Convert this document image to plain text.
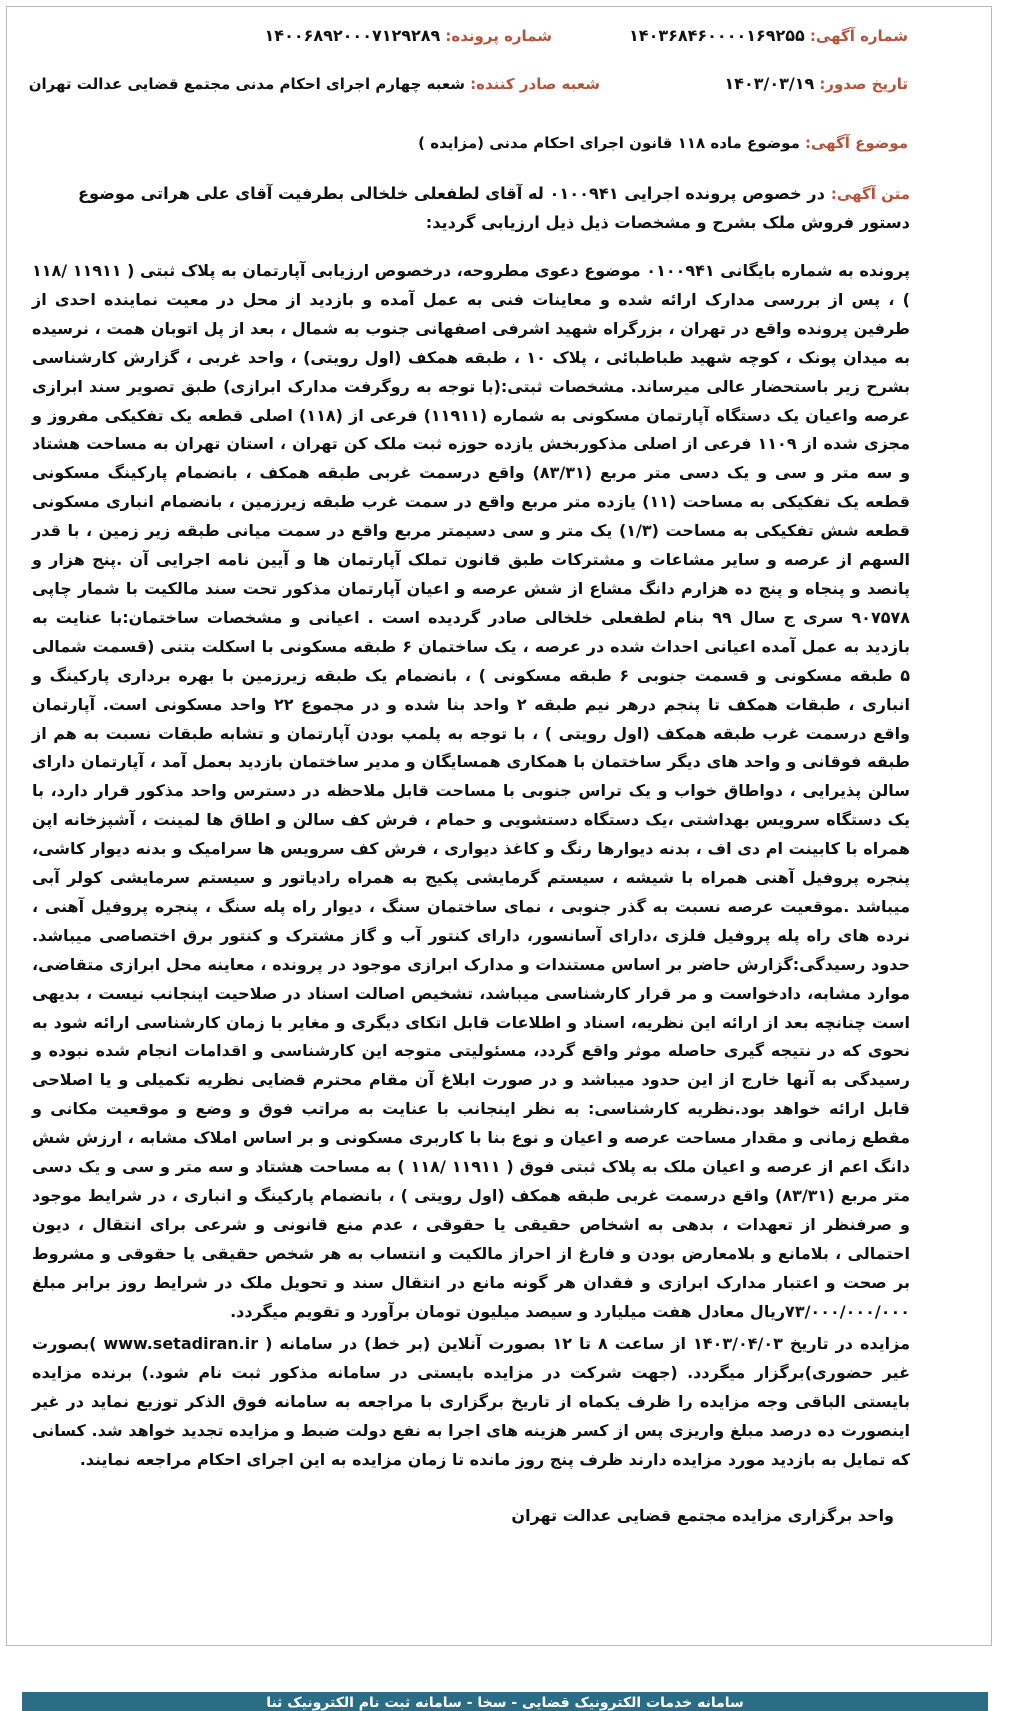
شماره آگهی: ۱۴۰۳۶۸۴۶۰۰۰۰۱۶۹۲۵۵
شماره پرونده: ۱۴۰۰۶۸۹۲۰۰۰۷۱۲۹۲۸۹
تاریخ صدور: ۱۴۰۳/۰۳/۱۹
شعبه صادر کننده: شعبه چهارم اجرای احکام مدنی مجتمع قضایی عدالت تهران
موضوع آگهی: موضوع ماده ۱۱۸ قانون اجرای احکام مدنی (مزایده )

متن آگهی:در خصوص پرونده اجرایی ۰۱۰۰۹۴۱ له آقای لطفعلی خلخالی بطرفیت آقای علی هراتی موضوع دستور فروش ملک بشرح و مشخصات ذیل ذیل ارزیابی گردید:

پرونده به شماره بایگانی ۰۱۰۰۹۴۱ موضوع دعوی مطروحه، درخصوص ارزیابی آپارتمان به پلاک ثبتی ( ۱۱۹۱۱ /۱۱۸ ) ، پس از بررسی مدارک ارائه شده و معاینات فنی به عمل آمده و بازدید از محل در معیت نماینده احدی از طرفین پرونده واقع در تهران ، بزرگراه شهید اشرفی اصفهانی جنوب به شمال ، بعد از پل اتوبان همت ، نرسیده به میدان پونک ، کوچه شهید طباطبائی ، پلاک ۱۰ ، طبقه همکف (اول رویتی) ، واحد غربی ، گزارش کارشناسی بشرح زیر باستحضار عالی میرساند. مشخصات ثبتی:(با توجه به روگرفت مدارک ابرازی) طبق تصویر سند ابرازی عرصه واعیان یک دستگاه آپارتمان مسکونی به شماره (۱۱۹۱۱) فرعی از (۱۱۸) اصلی قطعه یک تفکیکی مفروز و مجزی شده از ۱۱۰۹ فرعی از اصلی مذکوربخش یازده حوزه ثبت ملک کن تهران ، استان تهران به مساحت هشتاد و سه متر و سی و یک دسی متر مربع (۸۳/۳۱) واقع درسمت غربی طبقه همکف ، بانضمام پارکینگ مسکونی قطعه یک تفکیکی به مساحت (۱۱) یازده متر مربع واقع در سمت غرب طبقه زیرزمین ، بانضمام انباری مسکونی قطعه شش تفکیکی به مساحت (۱/۳) یک متر و سی دسیمتر مربع واقع در سمت میانی طبقه زیر زمین ، با قدر السهم از عرصه و سایر مشاعات و مشترکات طبق قانون تملک آپارتمان ها و آیین نامه اجرایی آن .پنج هزار و پانصد و پنجاه و پنج ده هزارم دانگ مشاع از شش عرصه و اعیان آپارتمان مذکور تحت سند مالکیت با شمار چاپی ۹۰۷۵۷۸ سری ج سال ۹۹ بنام لطفعلی خلخالی صادر گردیده است . اعیانی و مشخصات ساختمان:با عنایت به بازدید به عمل آمده اعیانی احداث شده در عرصه ، یک ساختمان ۶ طبقه مسکونی با اسکلت بتنی (قسمت شمالی ۵ طبقه مسکونی و قسمت جنوبی ۶ طبقه مسکونی ) ، بانضمام یک طبقه زیرزمین با بهره برداری پارکینگ و انباری ، طبقات همکف تا پنجم درهر نیم طبقه ۲ واحد بنا شده و در مجموع ۲۲ واحد مسکونی است. آپارتمان واقع درسمت غرب طبقه همکف (اول رویتی ) ، با توجه به پلمپ بودن آپارتمان و تشابه طبقات نسبت به هم از طبقه فوقانی و واحد های دیگر ساختمان با همکاری همسایگان و مدیر ساختمان بازدید بعمل آمد ، آپارتمان دارای سالن پذیرایی ، دواطاق خواب و یک تراس جنوبی با مساحت قابل ملاحظه در دسترس واحد مذکور قرار دارد، با یک دستگاه سرویس بهداشتی ،یک دستگاه دستشویی و حمام ، فرش کف سالن و اطاق ها لمینت ، آشپزخانه اپن همراه با کابینت ام دی اف ، بدنه دیوارها رنگ و کاغذ دیواری ، فرش کف سرویس ها سرامیک و بدنه دیوار کاشی، پنجره پروفیل آهنی همراه با شیشه ، سیستم گرمایشی پکیج به همراه رادیاتور و سیستم سرمایشی کولر آبی میباشد .موقعیت عرصه نسبت به گذر جنوبی ، نمای ساختمان سنگ ، دیوار راه پله سنگ ، پنجره پروفیل آهنی ، نرده های راه پله پروفیل فلزی ،دارای آسانسور، دارای کنتور آب و گاز مشترک و کنتور برق اختصاصی میباشد. حدود رسیدگی:گزارش حاضر بر اساس مستندات و مدارک ابرازی موجود در پرونده ، معاینه محل ابرازی متقاضی، موارد مشابه، دادخواست و مر قرار کارشناسی میباشد، تشخیص اصالت اسناد در صلاحیت اینجانب نیست ، بدیهی است چنانچه بعد از ارائه این نظریه، اسناد و اطلاعات قابل اتکای دیگری و مغایر با زمان کارشناسی ارائه شود به نحوی که در نتیجه گیری حاصله موثر واقع گردد، مسئولیتی متوجه این کارشناسی و اقدامات انجام شده نبوده و رسیدگی به آنها خارج از این حدود میباشد و در صورت ابلاغ آن مقام محترم قضایی نظریه تکمیلی و یا اصلاحی قابل ارائه خواهد بود.نظریه کارشناسی: به نظر اینجانب با عنایت به مراتب فوق و وضع و موقعیت مکانی و مقطع زمانی و مقدار مساحت عرصه و اعیان و نوع بنا با کاربری مسکونی و بر اساس املاک مشابه ، ارزش شش دانگ اعم از عرصه و اعیان ملک به پلاک ثبتی فوق ( ۱۱۹۱۱ /۱۱۸ ) به مساحت هشتاد و سه متر و سی و یک دسی متر مربع (۸۳/۳۱) واقع درسمت غربی طبقه همکف (اول رویتی ) ، بانضمام پارکینگ و انباری ، در شرایط موجود و صرفنظر از تعهدات ، بدهی به اشخاص حقیقی یا حقوقی ، عدم منع قانونی و شرعی برای انتقال ، دیون احتمالی ، بلامانع و بلامعارض بودن و فارغ از احراز مالکیت و انتساب به هر شخص حقیقی یا حقوقی و مشروط بر صحت و اعتبار مدارک ابرازی و فقدان هر گونه مانع در انتقال سند و تحویل ملک در شرایط روز برابر مبلغ ۷۳/۰۰۰/۰۰۰/۰۰۰ریال معادل هفت میلیارد و سیصد میلیون تومان برآورد و تقویم میگردد.

مزایده در تاریخ ۱۴۰۳/۰۴/۰۳ از ساعت ۸ تا ۱۲ بصورت آنلاین (بر خط) در سامانه ( www.setadiran.ir )بصورت غیر حضوری)برگزار میگردد. (جهت شرکت در مزایده بایستی در سامانه مذکور ثبت نام شود.) برنده مزایده بایستی الباقی وجه مزایده را ظرف یکماه از تاریخ برگزاری با مراجعه به سامانه فوق الذکر توزیع نماید در غیر اینصورت ده درصد مبلغ واریزی پس از کسر هزینه های اجرا به نفع دولت ضبط و مزایده تجدید خواهد شد. کسانی که تمایل به بازدید مورد مزایده دارند ظرف پنج روز مانده تا زمان مزایده به این اجرای احکام مراجعه نمایند.

واحد برگزاری مزایده مجتمع قضایی عدالت تهران
سامانه خدمات الکترونیک قضایی - سخا - سامانه ثبت نام الکترونیک ثنا
